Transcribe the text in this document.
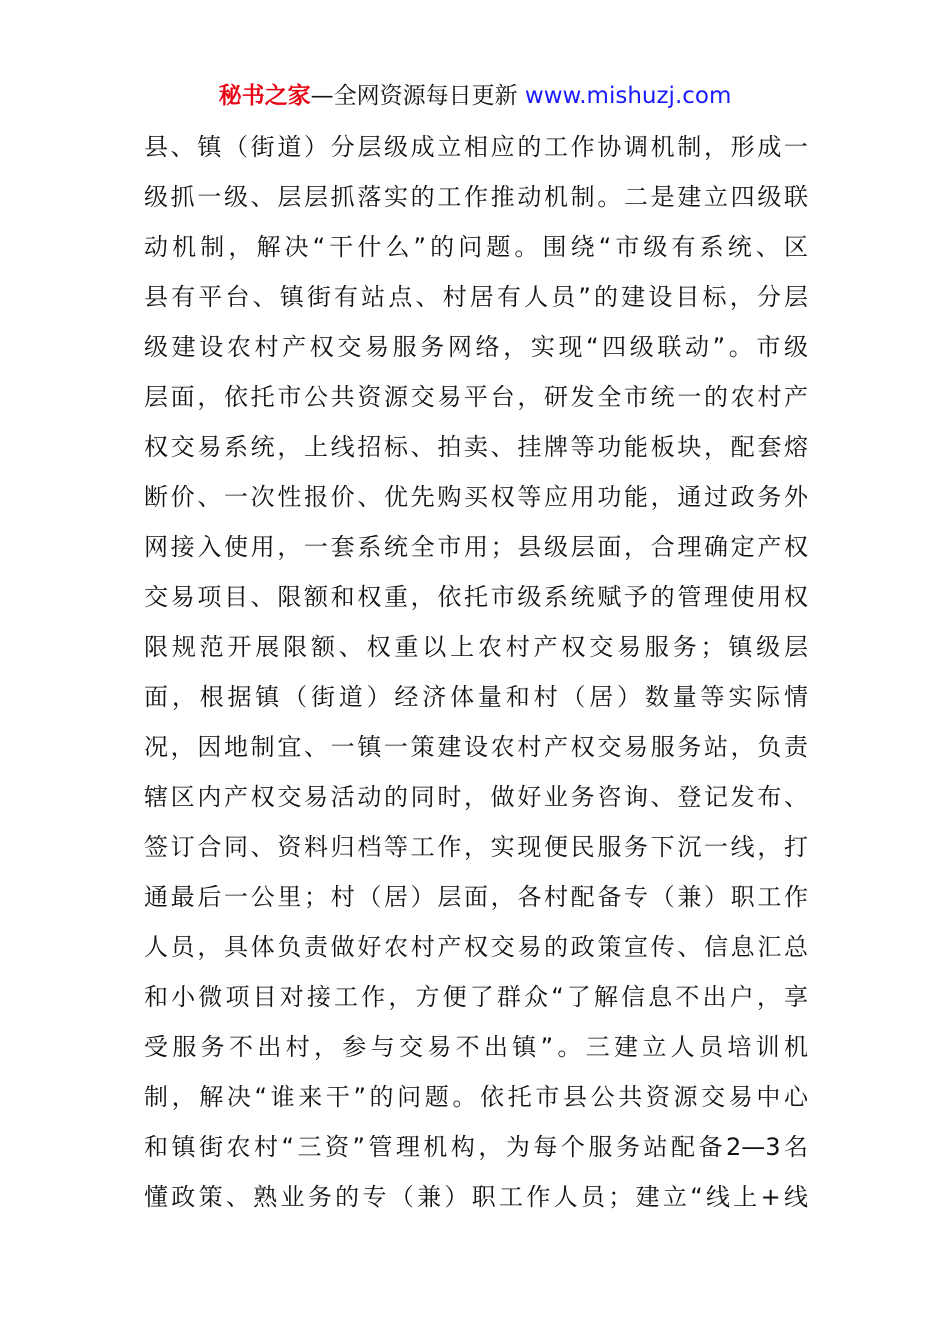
秘书之家—全网资源每日更新 www.mishuzj.com
县、镇（街道）分层级成立相应的工作协调机制，形成一
级抓一级、层层抓落实的工作推动机制。二是建立四级联
动机制，解决“干什么”的问题。围绕“市级有系统、区
县有平台、镇街有站点、村居有人员”的建设目标，分层
级建设农村产权交易服务网络，实现“四级联动”。市级
层面，依托市公共资源交易平台，研发全市统一的农村产
权交易系统，上线招标、拍卖、挂牌等功能板块，配套熔
断价、一次性报价、优先购买权等应用功能，通过政务外
网接入使用，一套系统全市用；县级层面，合理确定产权
交易项目、限额和权重，依托市级系统赋予的管理使用权
限规范开展限额、权重以上农村产权交易服务；镇级层
面，根据镇（街道）经济体量和村（居）数量等实际情
况，因地制宜、一镇一策建设农村产权交易服务站，负责
辖区内产权交易活动的同时，做好业务咨询、登记发布、
签订合同、资料归档等工作，实现便民服务下沉一线，打
通最后一公里；村（居）层面，各村配备专（兼）职工作
人员，具体负责做好农村产权交易的政策宣传、信息汇总
和小微项目对接工作，方便了群众“了解信息不出户，享
受服务不出村，参与交易不出镇”。三建立人员培训机
制，解决“谁来干”的问题。依托市县公共资源交易中心
和镇街农村“三资”管理机构，为每个服务站配备2—3名
懂政策、熟业务的专（兼）职工作人员；建立“线上+线
